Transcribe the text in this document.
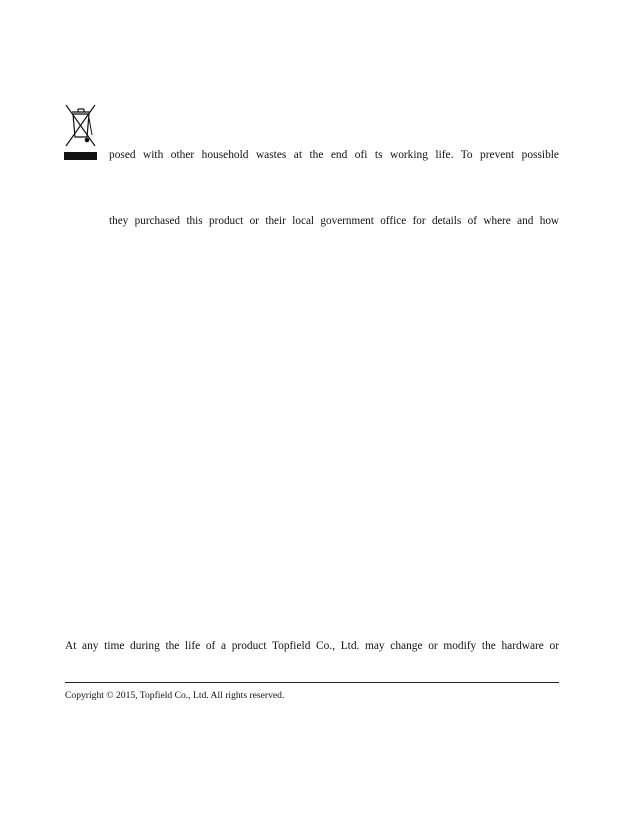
posed with other household wastes at the end ofi ts working life. To prevent possible
they purchased this product or their local government office for details of where and how
At any time during the life of a product Topfield Co., Ltd. may change or modify the hardware or
Copyright © 2015, Topfield Co., Ltd. All rights reserved.
